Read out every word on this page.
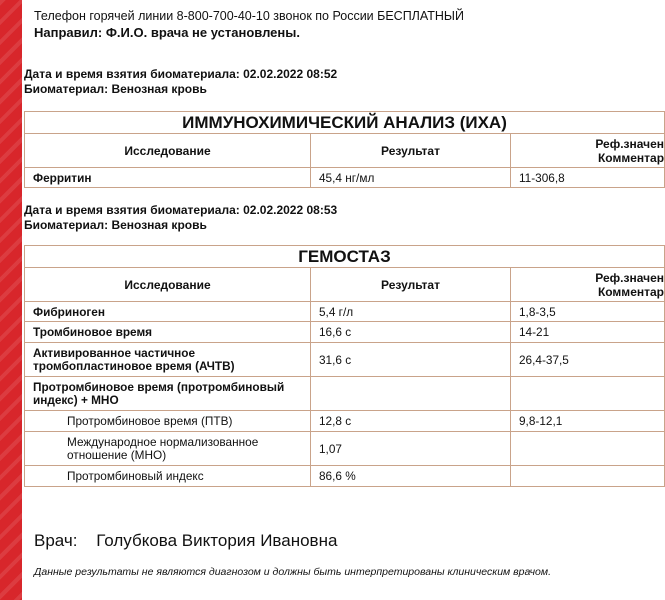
Телефон горячей линии 8-800-700-40-10 звонок по России БЕСПЛАТНЫЙ
Направил: Ф.И.О. врача не установлены.
Дата и время взятия биоматериала: 02.02.2022 08:52
Биоматериал: Венозная кровь
ИММУНОХИМИЧЕСКИЙ АНАЛИЗ (ИХА)		
Исследование	Результат	Реф.значен
Комментар

Ферритин	45,4 нг/мл	11-306,8
Дата и время взятия биоматериала: 02.02.2022 08:53
Биоматериал: Венозная кровь
ГЕМОСТАЗ		
Исследование	Результат	Реф.значен
Комментар

Фибриноген	5,4 г/л	1,8-3,5
Тромбиновое время	16,6 с	14-21
Активированное частичное тромбопластиновое время (АЧТВ)	31,6 с	26,4-37,5
Протромбиновое время (протромбиновый индекс) + МНО		
Протромбиновое время (ПТВ)	12,8 с	9,8-12,1
Международное нормализованное отношение (МНО)	1,07	
Протромбиновый индекс	86,6 %	
Врач: Голубкова Виктория Ивановна
Данные результаты не являются диагнозом и должны быть интерпретированы клиническим врачом.
